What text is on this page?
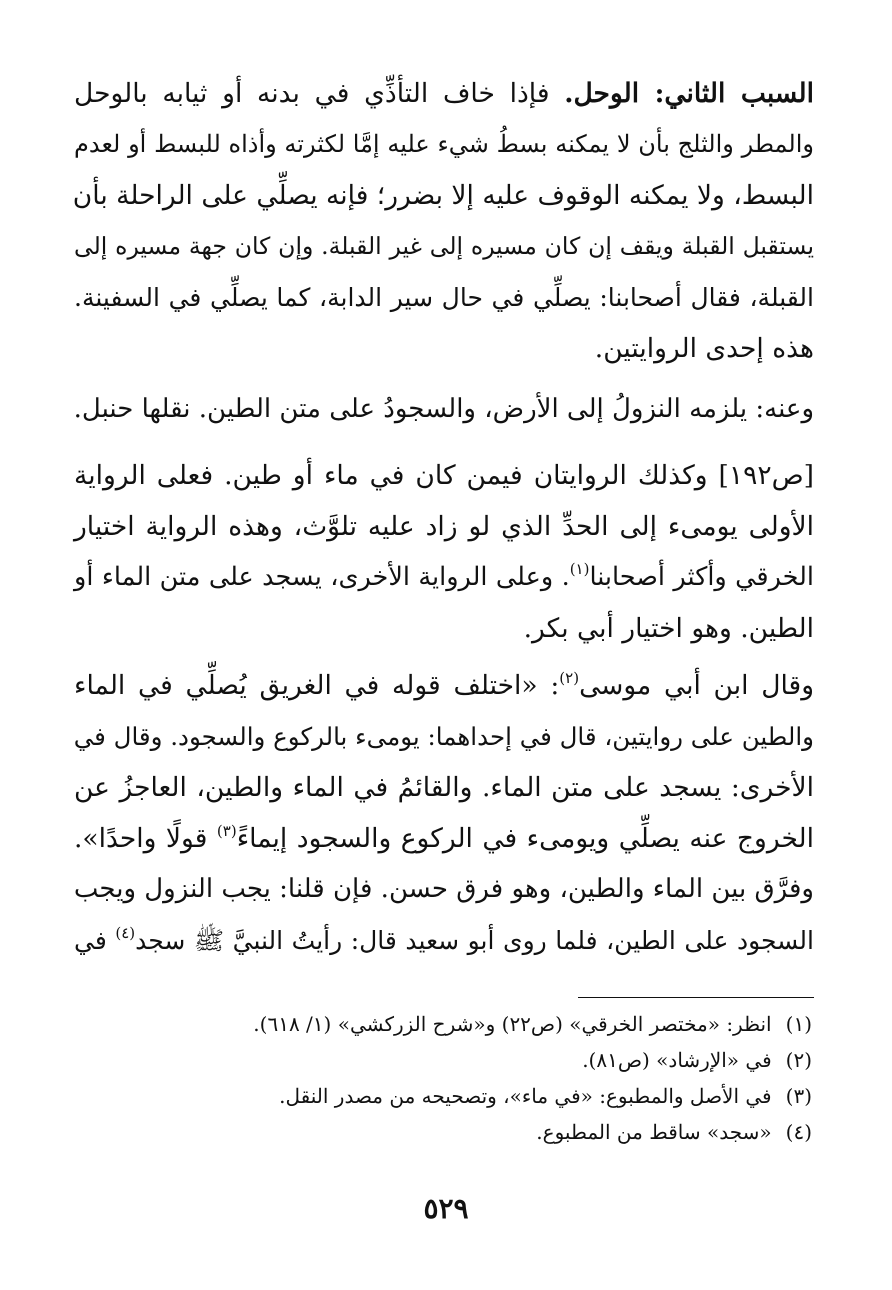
السبب الثاني: الوحل. فإذا خاف التأذِّي في بدنه أو ثيابه بالوحل
والمطر والثلج بأن لا يمكنه بسطُ شيء عليه إمَّا لكثرته وأذاه للبسط أو لعدم
البسط، ولا يمكنه الوقوف عليه إلا بضرر؛ فإنه يصلِّي على الراحلة بأن
يستقبل القبلة ويقف إن كان مسيره إلى غير القبلة. وإن كان جهة مسيره إلى
القبلة، فقال أصحابنا: يصلِّي في حال سير الدابة، كما يصلِّي في السفينة.
هذه إحدى الروايتين.
وعنه: يلزمه النزولُ إلى الأرض، والسجودُ على متن الطين. نقلها حنبل.
[ص١٩٢] وكذلك الروايتان فيمن كان في ماء أو طين. فعلى الرواية
الأولى يومىء إلى الحدِّ الذي لو زاد عليه تلوَّث، وهذه الرواية اختيار
الخرقي وأكثر أصحابنا$^{(١)}$. وعلى الرواية الأخرى، يسجد على متن الماء أو
الطين. وهو اختيار أبي بكر.
وقال ابن أبي موسى$^{(٢)}$: «اختلف قوله في الغريق يُصلِّي في الماء
والطين على روايتين، قال في إحداهما: يومىء بالركوع والسجود. وقال في
الأخرى: يسجد على متن الماء. والقائمُ في الماء والطين، العاجزُ عن
الخروج عنه يصلِّي ويومىء في الركوع والسجود إيماءً$^{(٣)}$ قولًا واحدًا».
وفرَّق بين الماء والطين، وهو فرق حسن. فإن قلنا: يجب النزول ويجب
السجود على الطين، فلما روى أبو سعيد قال: رأيتُ النبيَّ ﷺ سجد$^{(٤)}$ في
(١)انظر: «مختصر الخرقي» (ص٢٢) و«شرح الزركشي» (١/ ٦١٨).
(٢)في «الإرشاد» (ص٨١).
(٣)في الأصل والمطبوع: «في ماء»، وتصحيحه من مصدر النقل.
(٤)«سجد» ساقط من المطبوع.
٥٢٩
